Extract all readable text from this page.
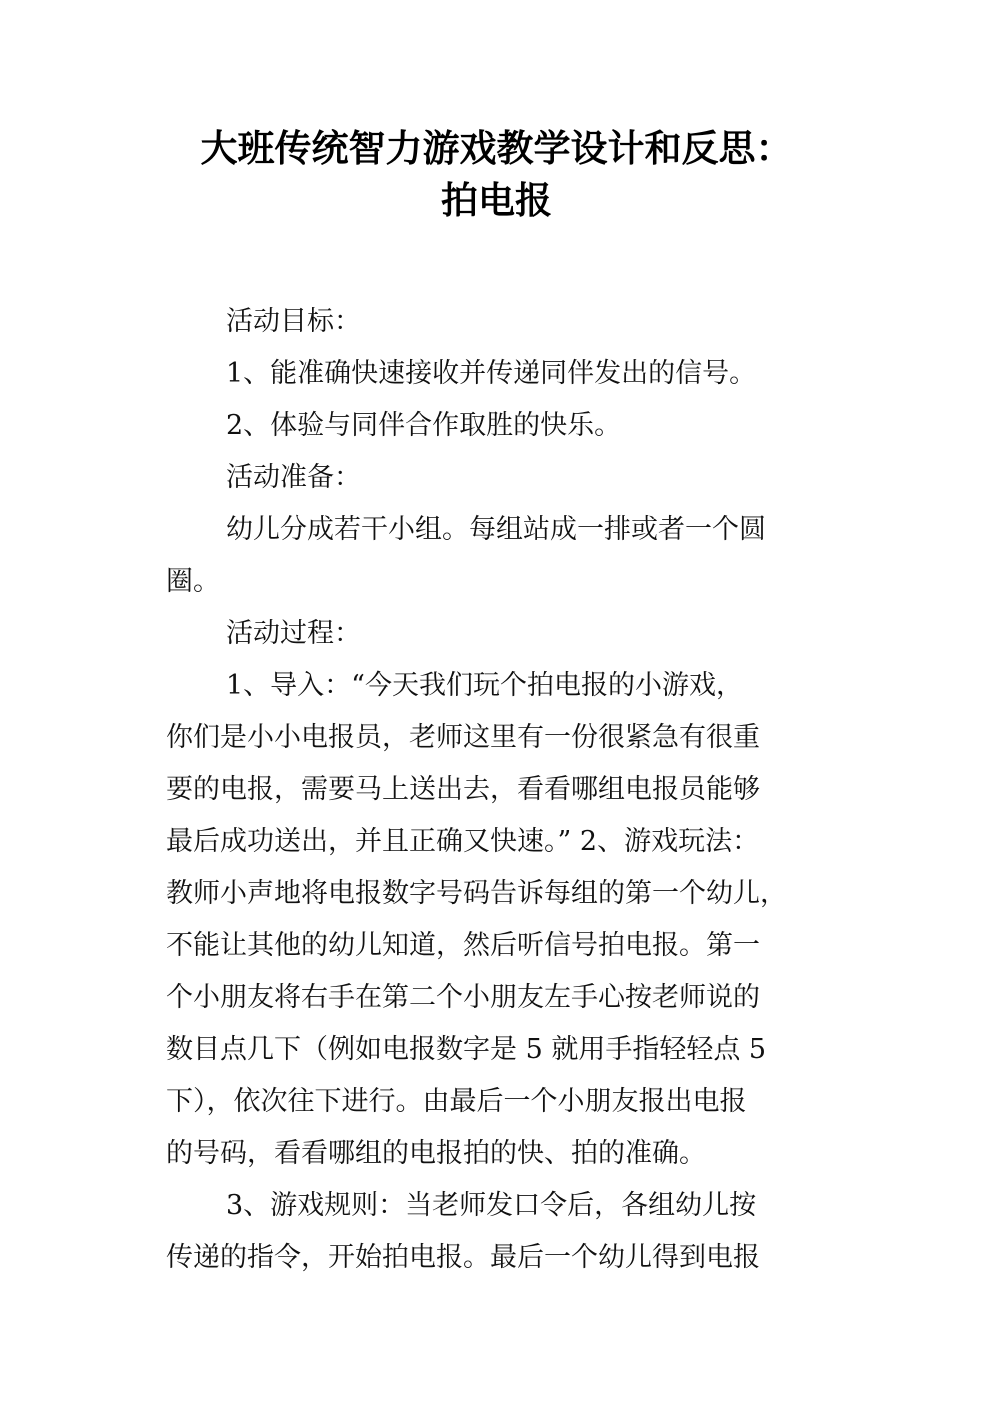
大班传统智力游戏教学设计和反思：
拍电报

活动目标：

1、能准确快速接收并传递同伴发出的信号。

2、体验与同伴合作取胜的快乐。

活动准备：

幼儿分成若干小组。每组站成一排或者一个圆

圈。

活动过程：

1、导入：“今天我们玩个拍电报的小游戏，

你们是小小电报员，老师这里有一份很紧急有很重

要的电报，需要马上送出去，看看哪组电报员能够

最后成功送出，并且正确又快速。” 2、游戏玩法：

教师小声地将电报数字号码告诉每组的第一个幼儿，

不能让其他的幼儿知道，然后听信号拍电报。第一

个小朋友将右手在第二个小朋友左手心按老师说的

数目点几下（例如电报数字是 5 就用手指轻轻点 5

下），依次往下进行。由最后一个小朋友报出电报

的号码，看看哪组的电报拍的快、拍的准确。

3、游戏规则：当老师发口令后，各组幼儿按

传递的指令，开始拍电报。最后一个幼儿得到电报
